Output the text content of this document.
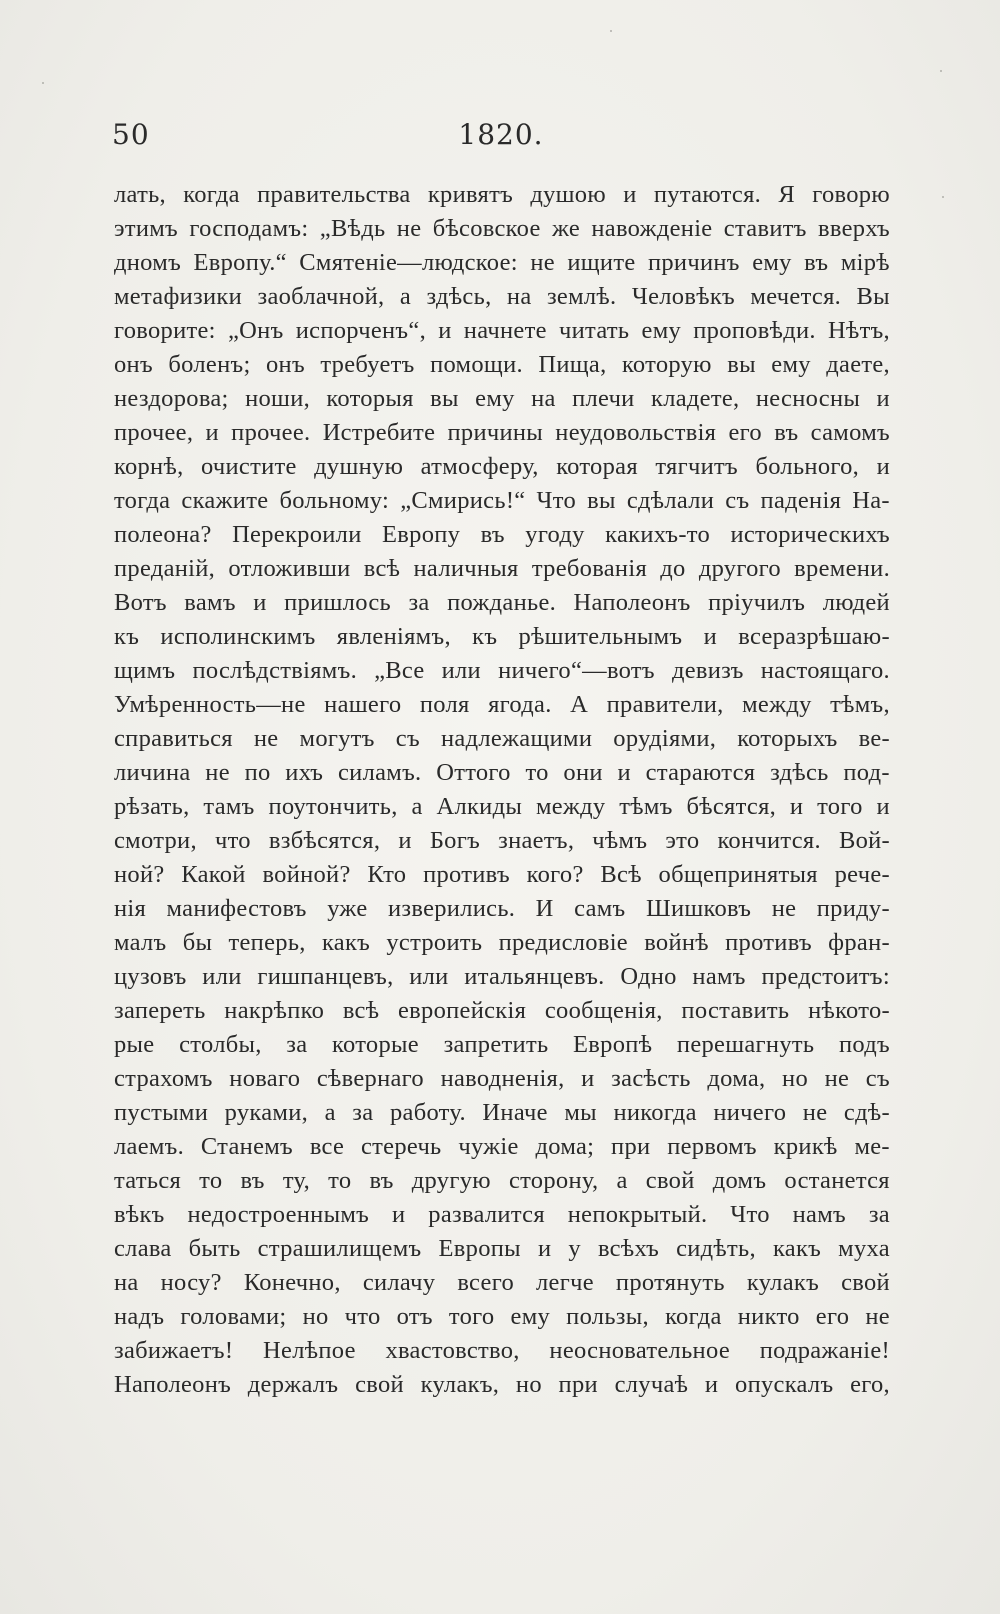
50	1820.
лать, когда правительства кривятъ душою и путаются. Я говорю
этимъ господамъ: „Вѣдь не бѣсовское же навожденіе ставитъ вверхъ
дномъ Европу.“ Смятеніе—людское: не ищите причинъ ему въ мірѣ
метафизики заоблачной, а здѣсь, на землѣ. Человѣкъ мечется. Вы
говорите: „Онъ испорченъ“, и начнете читать ему проповѣди. Нѣтъ,
онъ боленъ; онъ требуетъ помощи. Пища, которую вы ему даете,
нездорова; ноши, которыя вы ему на плечи кладете, несносны и
прочее, и прочее. Истребите причины неудовольствія его въ самомъ
корнѣ, очистите душную атмосферу, которая тягчитъ больного, и
тогда скажите больному: „Смирись!“ Что вы сдѣлали съ паденія На-
полеона? Перекроили Европу въ угоду какихъ-то историческихъ
преданій, отложивши всѣ наличныя требованія до другого времени.
Вотъ вамъ и пришлось за пожданье. Наполеонъ пріучилъ людей
къ исполинскимъ явленіямъ, къ рѣшительнымъ и всеразрѣшаю-
щимъ послѣдствіямъ. „Все или ничего“—вотъ девизъ настоящаго.
Умѣренность—не нашего поля ягода. А правители, между тѣмъ,
справиться не могутъ съ надлежащими орудіями, которыхъ ве-
личина не по ихъ силамъ. Оттого то они и стараются здѣсь под-
рѣзать, тамъ поутончить, а Алкиды между тѣмъ бѣсятся, и того и
смотри, что взбѣсятся, и Богъ знаетъ, чѣмъ это кончится. Вой-
ной? Какой войной? Кто противъ кого? Всѣ общепринятыя рече-
нія манифестовъ уже изверились. И самъ Шишковъ не приду-
малъ бы теперь, какъ устроить предисловіе войнѣ противъ фран-
цузовъ или гишпанцевъ, или итальянцевъ. Одно намъ предстоитъ:
запереть накрѣпко всѣ европейскія сообщенія, поставить нѣкото-
рые столбы, за которые запретить Европѣ перешагнуть подъ
страхомъ новаго сѣвернаго наводненія, и засѣсть дома, но не съ
пустыми руками, а за работу. Иначе мы никогда ничего не сдѣ-
лаемъ. Станемъ все стеречь чужіе дома; при первомъ крикѣ ме-
таться то въ ту, то въ другую сторону, а свой домъ останется
вѣкъ недостроеннымъ и развалится непокрытый. Что намъ за
слава быть страшилищемъ Европы и у всѣхъ сидѣть, какъ муха
на носу? Конечно, силачу всего легче протянуть кулакъ свой
надъ головами; но что отъ того ему пользы, когда никто его не
забижаетъ! Нелѣпое хвастовство, неосновательное подражаніе!
Наполеонъ держалъ свой кулакъ, но при случаѣ и опускалъ его,
